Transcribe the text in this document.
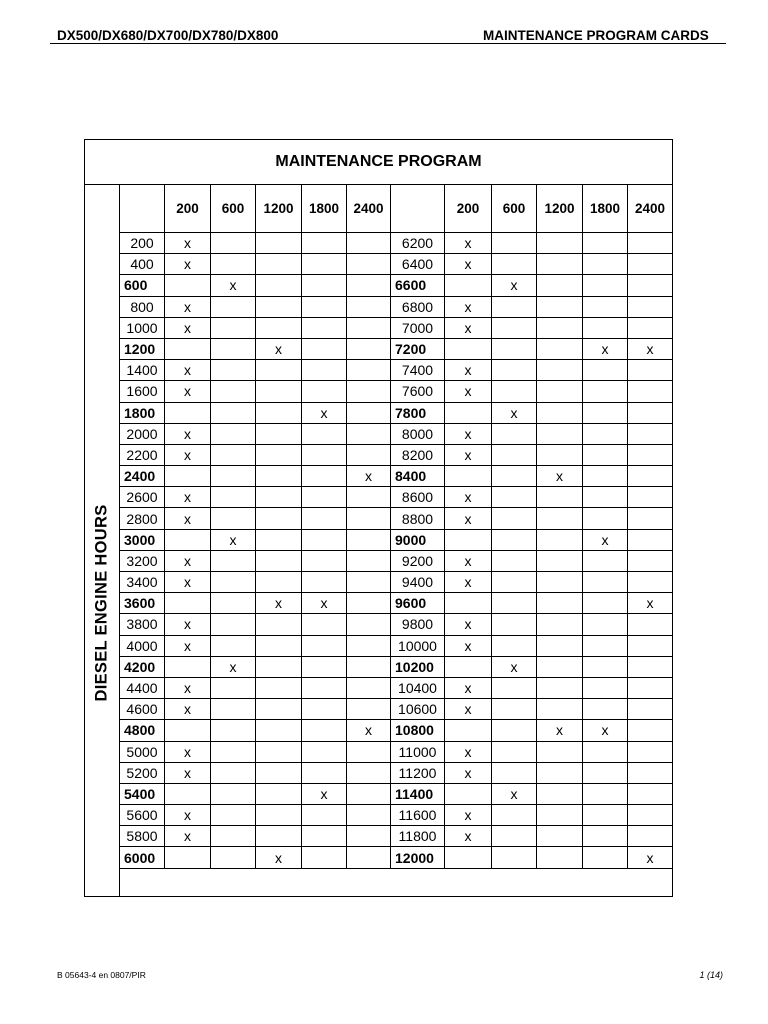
DX500/DX680/DX700/DX780/DX800	MAINTENANCE PROGRAM CARDS
MAINTENANCE PROGRAM
DIESEL ENGINE HOURS
	200	600	1200	1800	2400		200	600	1200	1800	2400
200	x					6200	x				
400	x					6400	x				
600		x				6600		x			
800	x					6800	x				
1000	x					7000	x				
1200			x			7200				x	x
1400	x					7400	x				
1600	x					7600	x				
1800				x		7800		x			
2000	x					8000	x				
2200	x					8200	x				
2400					x	8400			x		
2600	x					8600	x				
2800	x					8800	x				
3000		x				9000				x	
3200	x					9200	x				
3400	x					9400	x				
3600			x	x		9600					x
3800	x					9800	x				
4000	x					10000	x				
4200		x				10200		x			
4400	x					10400	x				
4600	x					10600	x				
4800					x	10800			x	x	
5000	x					11000	x				
5200	x					11200	x				
5400				x		11400		x			
5600	x					11600	x				
5800	x					11800	x				
6000			x			12000					x
B 05643-4 en 0807/PIR	1 (14)
